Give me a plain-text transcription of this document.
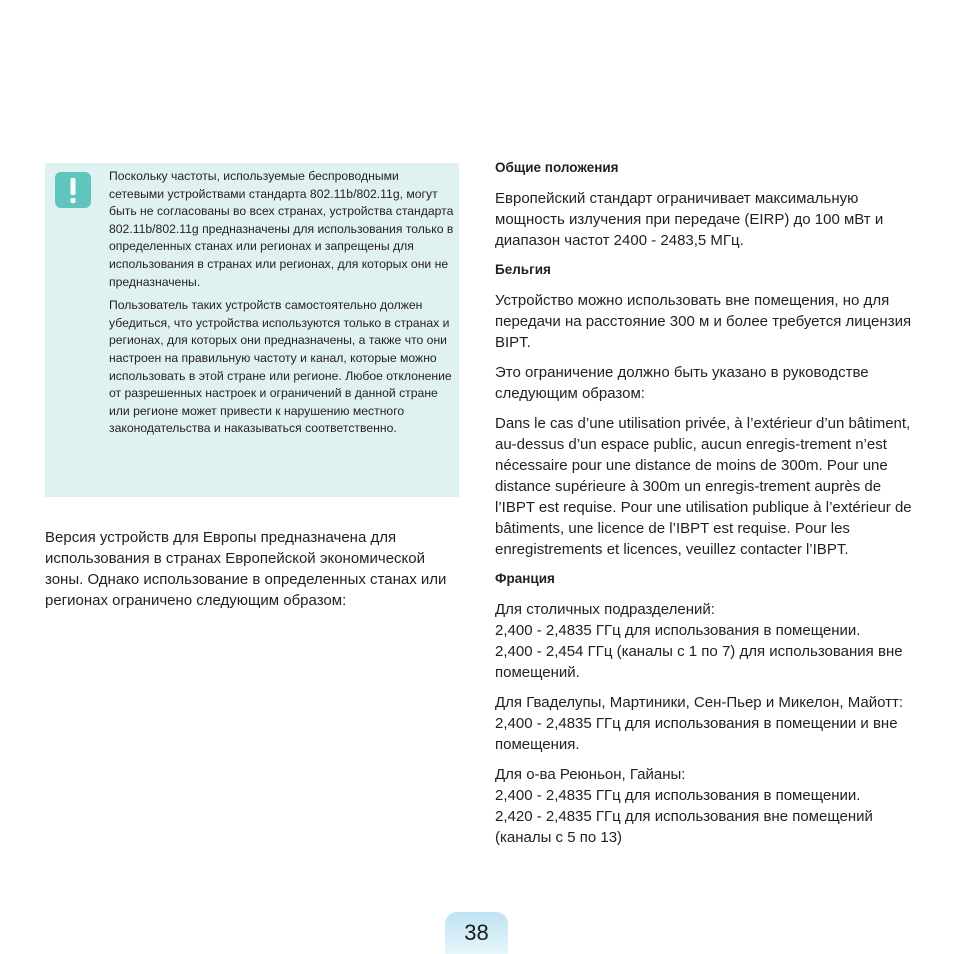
Поскольку частоты, используемые беспроводными сетевыми устройствами стандарта 802.11b/802.11g, могут быть не согласованы во всех странах, устройства стандарта 802.11b/802.11g предназначены для использования только в определенных станах или регионах и запрещены для использования в странах или регионах, для которых они не предназначены.

Пользователь таких устройств самостоятельно должен убедиться, что устройства используются только в странах и регионах, для которых они предназначены, а также что они настроен на правильную частоту и канал, которые можно использовать в этой стране или регионе. Любое отклонение от разрешенных настроек и ограничений в данной стране или регионе может привести к нарушению местного законодательства и наказываться соответственно.

Версия устройств для Европы предназначена для использования в странах Европейской экономической зоны. Однако использование в определенных станах или регионах ограничено следующим образом:

Общие положения

Европейский стандарт ограничивает максимальную мощность излучения при передаче (EIRP) до 100 мВт и диапазон частот 2400 - 2483,5 МГц.

Бельгия

Устройство можно использовать вне помещения, но для передачи на расстояние 300 м и более требуется лицензия BIPT.

Это ограничение должно быть указано в руководстве следующим образом:

Dans le cas d’une utilisation privée, à l’extérieur d’un bâtiment, au-dessus d’un espace public, aucun enregis-trement n’est nécessaire pour une distance de moins de 300m. Pour une distance supérieure à 300m un enregis-trement auprès de l’IBPT est requise. Pour une utilisation publique à l’extérieur de bâtiments, une licence de l’IBPT est requise. Pour les enregistrements et licences, veuillez contacter l’IBPT.

Франция

Для столичных подразделений:
2,400 - 2,4835 ГГц для использования в помещении.
2,400 - 2,454 ГГц (каналы с 1 по 7) для использования вне помещений.

Для Гваделупы, Мартиники, Сен-Пьер и Микелон, Майотт: 2,400 - 2,4835 ГГц для использования в помещении и вне помещения.

Для о-ва Реюньон, Гайаны:
2,400 - 2,4835 ГГц для использования в помещении.
2,420 - 2,4835 ГГц для использования вне помещений (каналы с 5 по 13)

38
